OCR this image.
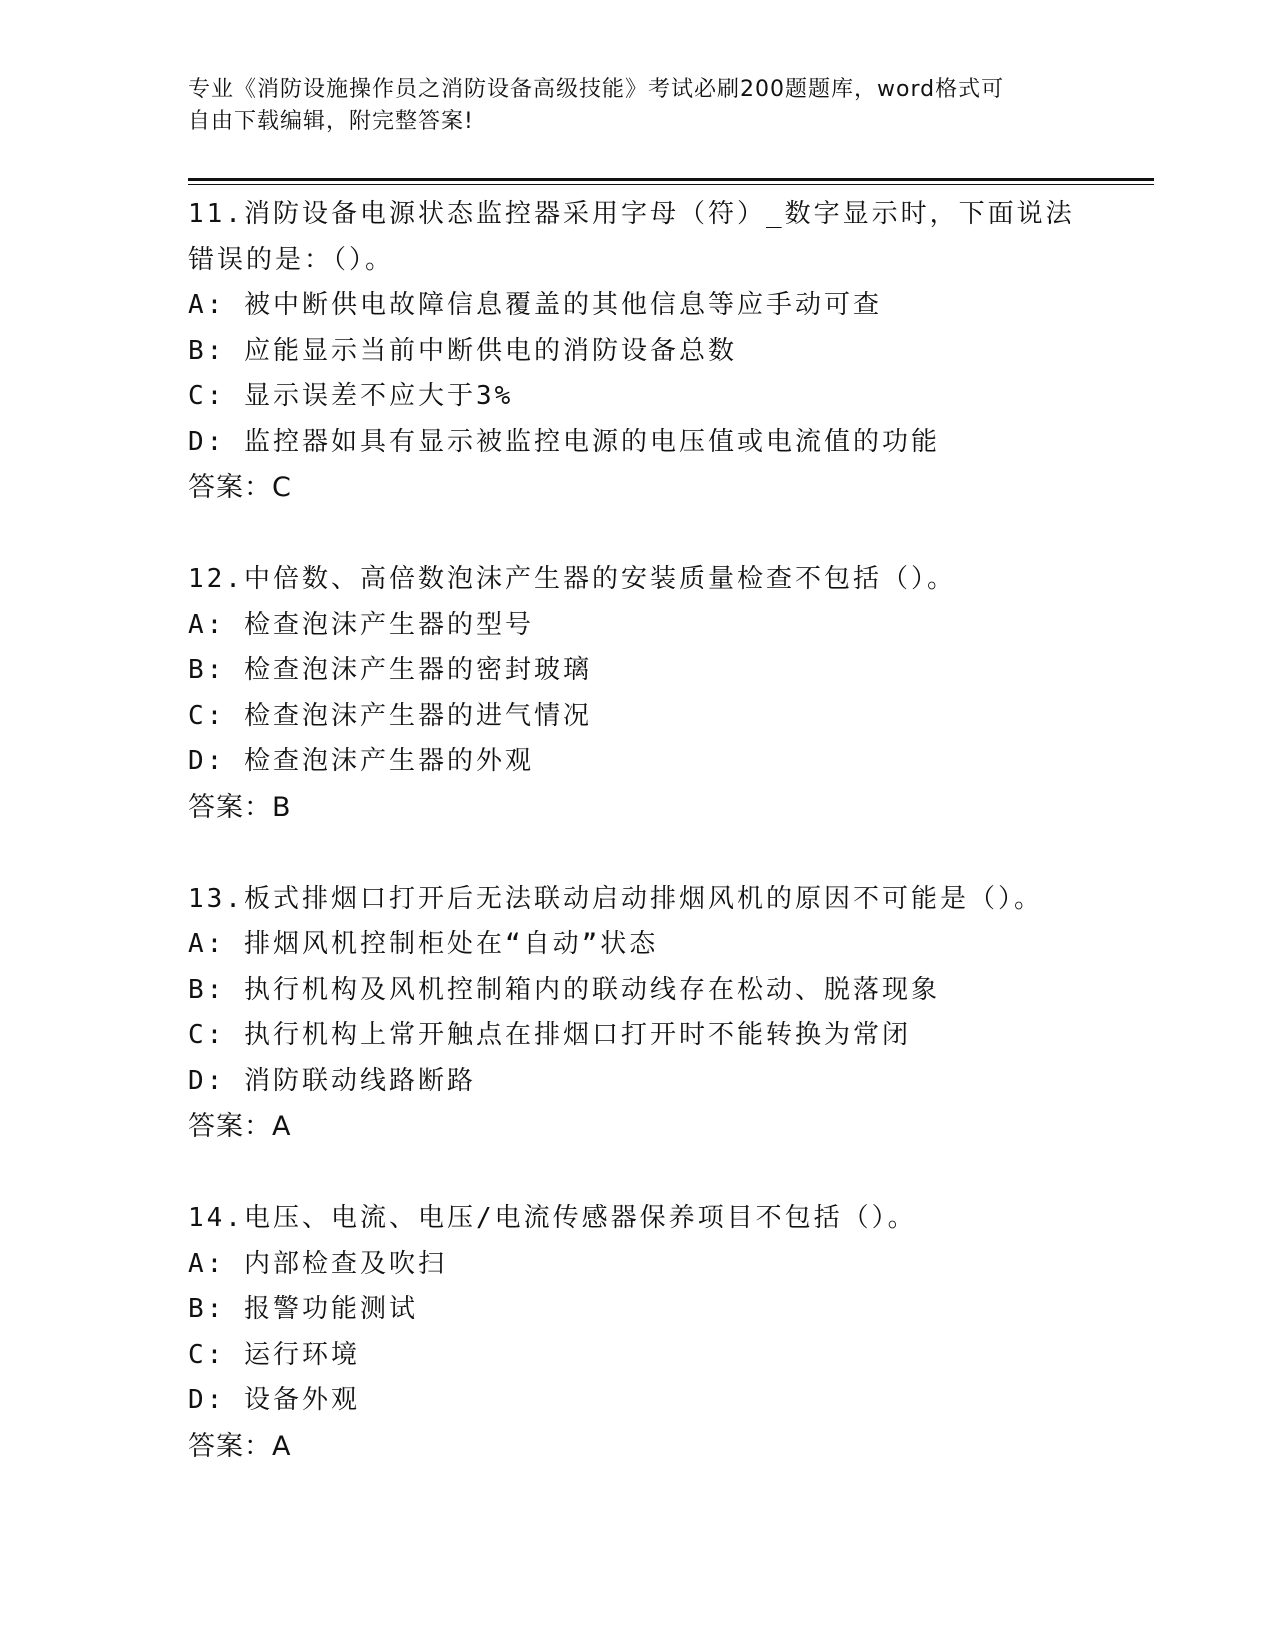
专业《消防设施操作员之消防设备高级技能》考试必刷200题题库，word格式可
自由下载编辑，附完整答案!
11.消防设备电源状态监控器采用字母（符）_数字显示时，下面说法
错误的是：（）。
A: 被中断供电故障信息覆盖的其他信息等应手动可查
B: 应能显示当前中断供电的消防设备总数
C: 显示误差不应大于3%
D: 监控器如具有显示被监控电源的电压值或电流值的功能
答案：C
12.中倍数、高倍数泡沫产生器的安装质量检查不包括（）。
A: 检查泡沫产生器的型号
B: 检查泡沫产生器的密封玻璃
C: 检查泡沫产生器的进气情况
D: 检查泡沫产生器的外观
答案：B
13.板式排烟口打开后无法联动启动排烟风机的原因不可能是（）。
A: 排烟风机控制柜处在“自动”状态
B: 执行机构及风机控制箱内的联动线存在松动、脱落现象
C: 执行机构上常开触点在排烟口打开时不能转换为常闭
D: 消防联动线路断路
答案：A
14.电压、电流、电压/电流传感器保养项目不包括（）。
A: 内部检查及吹扫
B: 报警功能测试
C: 运行环境
D: 设备外观
答案：A
